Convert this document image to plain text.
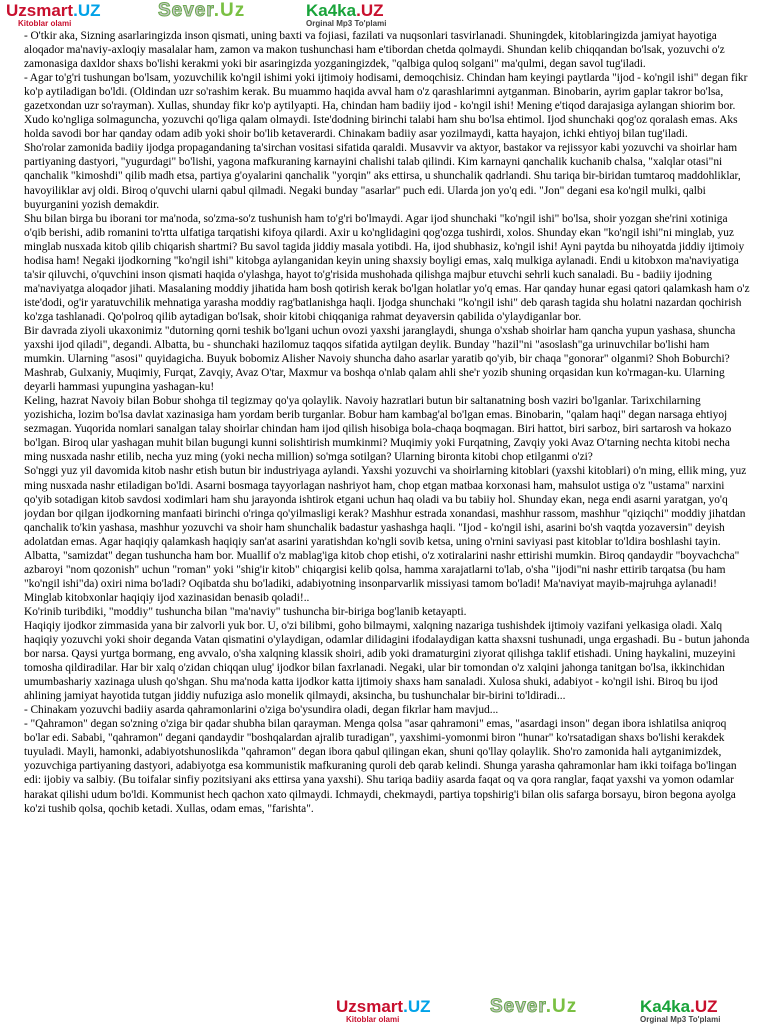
Uzsmart.UZ
Kitoblar olami
Sever.Uz	Ka4ka.UZ
Orginal Mp3 To'plami

- O'tkir aka, Sizning asarlaringizda inson qismati, uning baxti va fojiasi, fazilati va nuqsonlari tasvirlanadi. Shuningdek, kitoblaringizda jamiyat hayotiga aloqador ma'naviy-axloqiy masalalar ham, zamon va makon tushunchasi ham e'tibordan chetda qolmaydi. Shundan kelib chiqqandan bo'lsak, yozuvchi o'z zamonasiga daxldor shaxs bo'lishi kerakmi yoki bir asaringizda yozganingizdek, "qalbiga quloq solgani" ma'qulmi, degan savol tug'iladi.

- Agar to'g'ri tushungan bo'lsam, yozuvchilik ko'ngil ishimi yoki ijtimoiy hodisami, demoqchisiz. Chindan ham keyingi paytlarda "ijod - ko'ngil ishi" degan fikr ko'p aytiladigan bo'ldi. (Oldindan uzr so'rashim kerak. Bu muammo haqida avval ham o'z qarashlarimni aytganman. Binobarin, ayrim gaplar takror bo'lsa, gazetxondan uzr so'rayman). Xullas, shunday fikr ko'p aytilyapti. Ha, chindan ham badiiy ijod - ko'ngil ishi! Mening e'tiqod darajasiga aylangan shiorim bor. Xudo ko'ngliga solmaguncha, yozuvchi qo'liga qalam olmaydi. Iste'dodning birinchi talabi ham shu bo'lsa ehtimol. Ijod shunchaki qog'oz qoralash emas. Aks holda savodi bor har qanday odam adib yoki shoir bo'lib ketaverardi. Chinakam badiiy asar yozilmaydi, katta hayajon, ichki ehtiyoj bilan tug'iladi.

Sho'rolar zamonida badiiy ijodga propagandaning ta'sirchan vositasi sifatida qaraldi. Musavvir va aktyor, bastakor va rejissyor kabi yozuvchi va shoirlar ham partiyaning dastyori, "yugurdagi" bo'lishi, yagona mafkuraning karnayini chalishi talab qilindi. Kim karnayni qanchalik kuchanib chalsa, "xalqlar otasi"ni qanchalik "kimoshdi" qilib madh etsa, partiya g'oyalarini qanchalik "yorqin" aks ettirsa, u shunchalik qadrlandi. Shu tariqa bir-biridan tumtaroq maddohliklar, havoyiliklar avj oldi. Biroq o'quvchi ularni qabul qilmadi. Negaki bunday "asarlar" puch edi. Ularda jon yo'q edi. "Jon" degani esa ko'ngil mulki, qalbi buyurganini yozish demakdir.

Shu bilan birga bu iborani tor ma'noda, so'zma-so'z tushunish ham to'g'ri bo'lmaydi. Agar ijod shunchaki "ko'ngil ishi" bo'lsa, shoir yozgan she'rini xotiniga o'qib berishi, adib romanini to'rtta ulfatiga tarqatishi kifoya qilardi. Axir u ko'nglidagini qog'ozga tushirdi, xolos. Shunday ekan "ko'ngil ishi"ni minglab, yuz minglab nusxada kitob qilib chiqarish shartmi? Bu savol tagida jiddiy masala yotibdi. Ha, ijod shubhasiz, ko'ngil ishi! Ayni paytda bu nihoyatda jiddiy ijtimoiy hodisa ham! Negaki ijodkorning "ko'ngil ishi" kitobga aylanganidan keyin uning shaxsiy boyligi emas, xalq mulkiga aylanadi. Endi u kitobxon ma'naviyatiga ta'sir qiluvchi, o'quvchini inson qismati haqida o'ylashga, hayot to'g'risida mushohada qilishga majbur etuvchi sehrli kuch sanaladi. Bu - badiiy ijodning ma'naviyatga aloqador jihati. Masalaning moddiy jihatida ham bosh qotirish kerak bo'lgan holatlar yo'q emas. Har qanday hunar egasi qatori qalamkash ham o'z iste'dodi, og'ir yaratuvchilik mehnatiga yarasha moddiy rag'batlanishga haqli. Ijodga shunchaki "ko'ngil ishi" deb qarash tagida shu holatni nazardan qochirish ko'zga tashlanadi. Qo'polroq qilib aytadigan bo'lsak, shoir kitobi chiqqaniga rahmat deyaversin qabilida o'ylaydiganlar bor.

Bir davrada ziyoli ukaxonimiz "dutorning qorni teshik bo'lgani uchun ovozi yaxshi jaranglaydi, shunga o'xshab shoirlar ham qancha yupun yashasa, shuncha yaxshi ijod qiladi", degandi. Albatta, bu - shunchaki hazilomuz taqqos sifatida aytilgan deylik. Bunday "hazil"ni "asoslash"ga urinuvchilar bo'lishi ham mumkin. Ularning "asosi" quyidagicha. Buyuk bobomiz Alisher Navoiy shuncha daho asarlar yaratib qo'yib, bir chaqa "gonorar" olganmi? Shoh Boburchi? Mashrab, Gulxaniy, Muqimiy, Furqat, Zavqiy, Avaz O'tar, Maxmur va boshqa o'nlab qalam ahli she'r yozib shuning orqasidan kun ko'rmagan-ku. Ularning deyarli hammasi yupungina yashagan-ku!

Keling, hazrat Navoiy bilan Bobur shohga til tegizmay qo'ya qolaylik. Navoiy hazratlari butun bir saltanatning bosh vaziri bo'lganlar. Tarixchilarning yozishicha, lozim bo'lsa davlat xazinasiga ham yordam berib turganlar. Bobur ham kambag'al bo'lgan emas. Binobarin, "qalam haqi" degan narsaga ehtiyoj sezmagan. Yuqorida nomlari sanalgan talay shoirlar chindan ham ijod qilish hisobiga bola-chaqa boqmagan. Biri hattot, biri sarboz, biri sartarosh va hokazo bo'lgan. Biroq ular yashagan muhit bilan bugungi kunni solishtirish mumkinmi? Muqimiy yoki Furqatning, Zavqiy yoki Avaz O'tarning nechta kitobi necha ming nusxada nashr etilib, necha yuz ming (yoki necha million) so'mga sotilgan? Ularning bironta kitobi chop etilganmi o'zi?

So'nggi yuz yil davomida kitob nashr etish butun bir industriyaga aylandi. Yaxshi yozuvchi va shoirlarning kitoblari (yaxshi kitoblari) o'n ming, ellik ming, yuz ming nusxada nashr etiladigan bo'ldi. Asarni bosmaga tayyorlagan nashriyot ham, chop etgan matbaa korxonasi ham, mahsulot ustiga o'z "ustama" narxini qo'yib sotadigan kitob savdosi xodimlari ham shu jarayonda ishtirok etgani uchun haq oladi va bu tabiiy hol. Shunday ekan, nega endi asarni yaratgan, yo'q joydan bor qilgan ijodkorning manfaati birinchi o'ringa qo'yilmasligi kerak? Mashhur estrada xonandasi, mashhur rassom, mashhur "qiziqchi" moddiy jihatdan qanchalik to'kin yashasa, mashhur yozuvchi va shoir ham shunchalik badastur yashashga haqli. "Ijod - ko'ngil ishi, asarini bo'sh vaqtda yozaversin" deyish adolatdan emas. Agar haqiqiy qalamkash haqiqiy san'at asarini yaratishdan ko'ngli sovib ketsa, uning o'rnini saviyasi past kitoblar to'ldira boshlashi tayin. Albatta, "samizdat" degan tushuncha ham bor. Muallif o'z mablag'iga kitob chop etishi, o'z xotiralarini nashr ettirishi mumkin. Biroq qandaydir "boyvachcha" azbaroyi "nom qozonish" uchun "roman" yoki "shig'ir kitob" chiqargisi kelib qolsa, hamma xarajatlarni to'lab, o'sha "ijodi"ni nashr ettirib tarqatsa (bu ham "ko'ngil ishi"da) oxiri nima bo'ladi? Oqibatda shu bo'ladiki, adabiyotning insonparvarlik missiyasi tamom bo'ladi! Ma'naviyat mayib-majruhga aylanadi! Minglab kitobxonlar haqiqiy ijod xazinasidan benasib qoladi!..

Ko'rinib turibdiki, "moddiy" tushuncha bilan "ma'naviy" tushuncha bir-biriga bog'lanib ketayapti.

Haqiqiy ijodkor zimmasida yana bir zalvorli yuk bor. U, o'zi bilibmi, goho bilmaymi, xalqning nazariga tushishdek ijtimoiy vazifani yelkasiga oladi. Xalq haqiqiy yozuvchi yoki shoir deganda Vatan qismatini o'ylaydigan, odamlar dilidagini ifodalaydigan katta shaxsni tushunadi, unga ergashadi. Bu - butun jahonda bor narsa. Qaysi yurtga bormang, eng avvalo, o'sha xalqning klassik shoiri, adib yoki dramaturgini ziyorat qilishga taklif etishadi. Uning haykalini, muzeyini tomosha qildiradilar. Har bir xalq o'zidan chiqqan ulug' ijodkor bilan faxrlanadi. Negaki, ular bir tomondan o'z xalqini jahonga tanitgan bo'lsa, ikkinchidan umumbashariy xazinaga ulush qo'shgan. Shu ma'noda katta ijodkor katta ijtimoiy shaxs ham sanaladi. Xulosa shuki, adabiyot - ko'ngil ishi. Biroq bu ijod ahlining jamiyat hayotida tutgan jiddiy nufuziga aslo monelik qilmaydi, aksincha, bu tushunchalar bir-birini to'ldiradi...

- Chinakam yozuvchi badiiy asarda qahramonlarini o'ziga bo'ysundira oladi, degan fikrlar ham mavjud...

- "Qahramon" degan so'zning o'ziga bir qadar shubha bilan qarayman. Menga qolsa "asar qahramoni" emas, "asardagi inson" degan ibora ishlatilsa aniqroq bo'lar edi. Sababi, "qahramon" degani qandaydir "boshqalardan ajralib turadigan", yaxshimi-yomonmi biron "hunar" ko'rsatadigan shaxs bo'lishi kerakdek tuyuladi. Mayli, hamonki, adabiyotshunoslikda "qahramon" degan ibora qabul qilingan ekan, shuni qo'llay qolaylik. Sho'ro zamonida hali aytganimizdek, yozuvchiga partiyaning dastyori, adabiyotga esa kommunistik mafkuraning quroli deb qarab kelindi. Shunga yarasha qahramonlar ham ikki toifaga bo'lingan edi: ijobiy va salbiy. (Bu toifalar sinfiy pozitsiyani aks ettirsa yana yaxshi). Shu tariqa badiiy asarda faqat oq va qora ranglar, faqat yaxshi va yomon odamlar harakat qilishi udum bo'ldi. Kommunist hech qachon xato qilmaydi. Ichmaydi, chekmaydi, partiya topshirig'i bilan olis safarga borsayu, biron begona ayolga ko'zi tushib qolsa, qochib ketadi. Xullas, odam emas, "farishta".

Uzsmart.UZ
Kitoblar olami
Sever.Uz	Ka4ka.UZ
Orginal Mp3 To'plami
